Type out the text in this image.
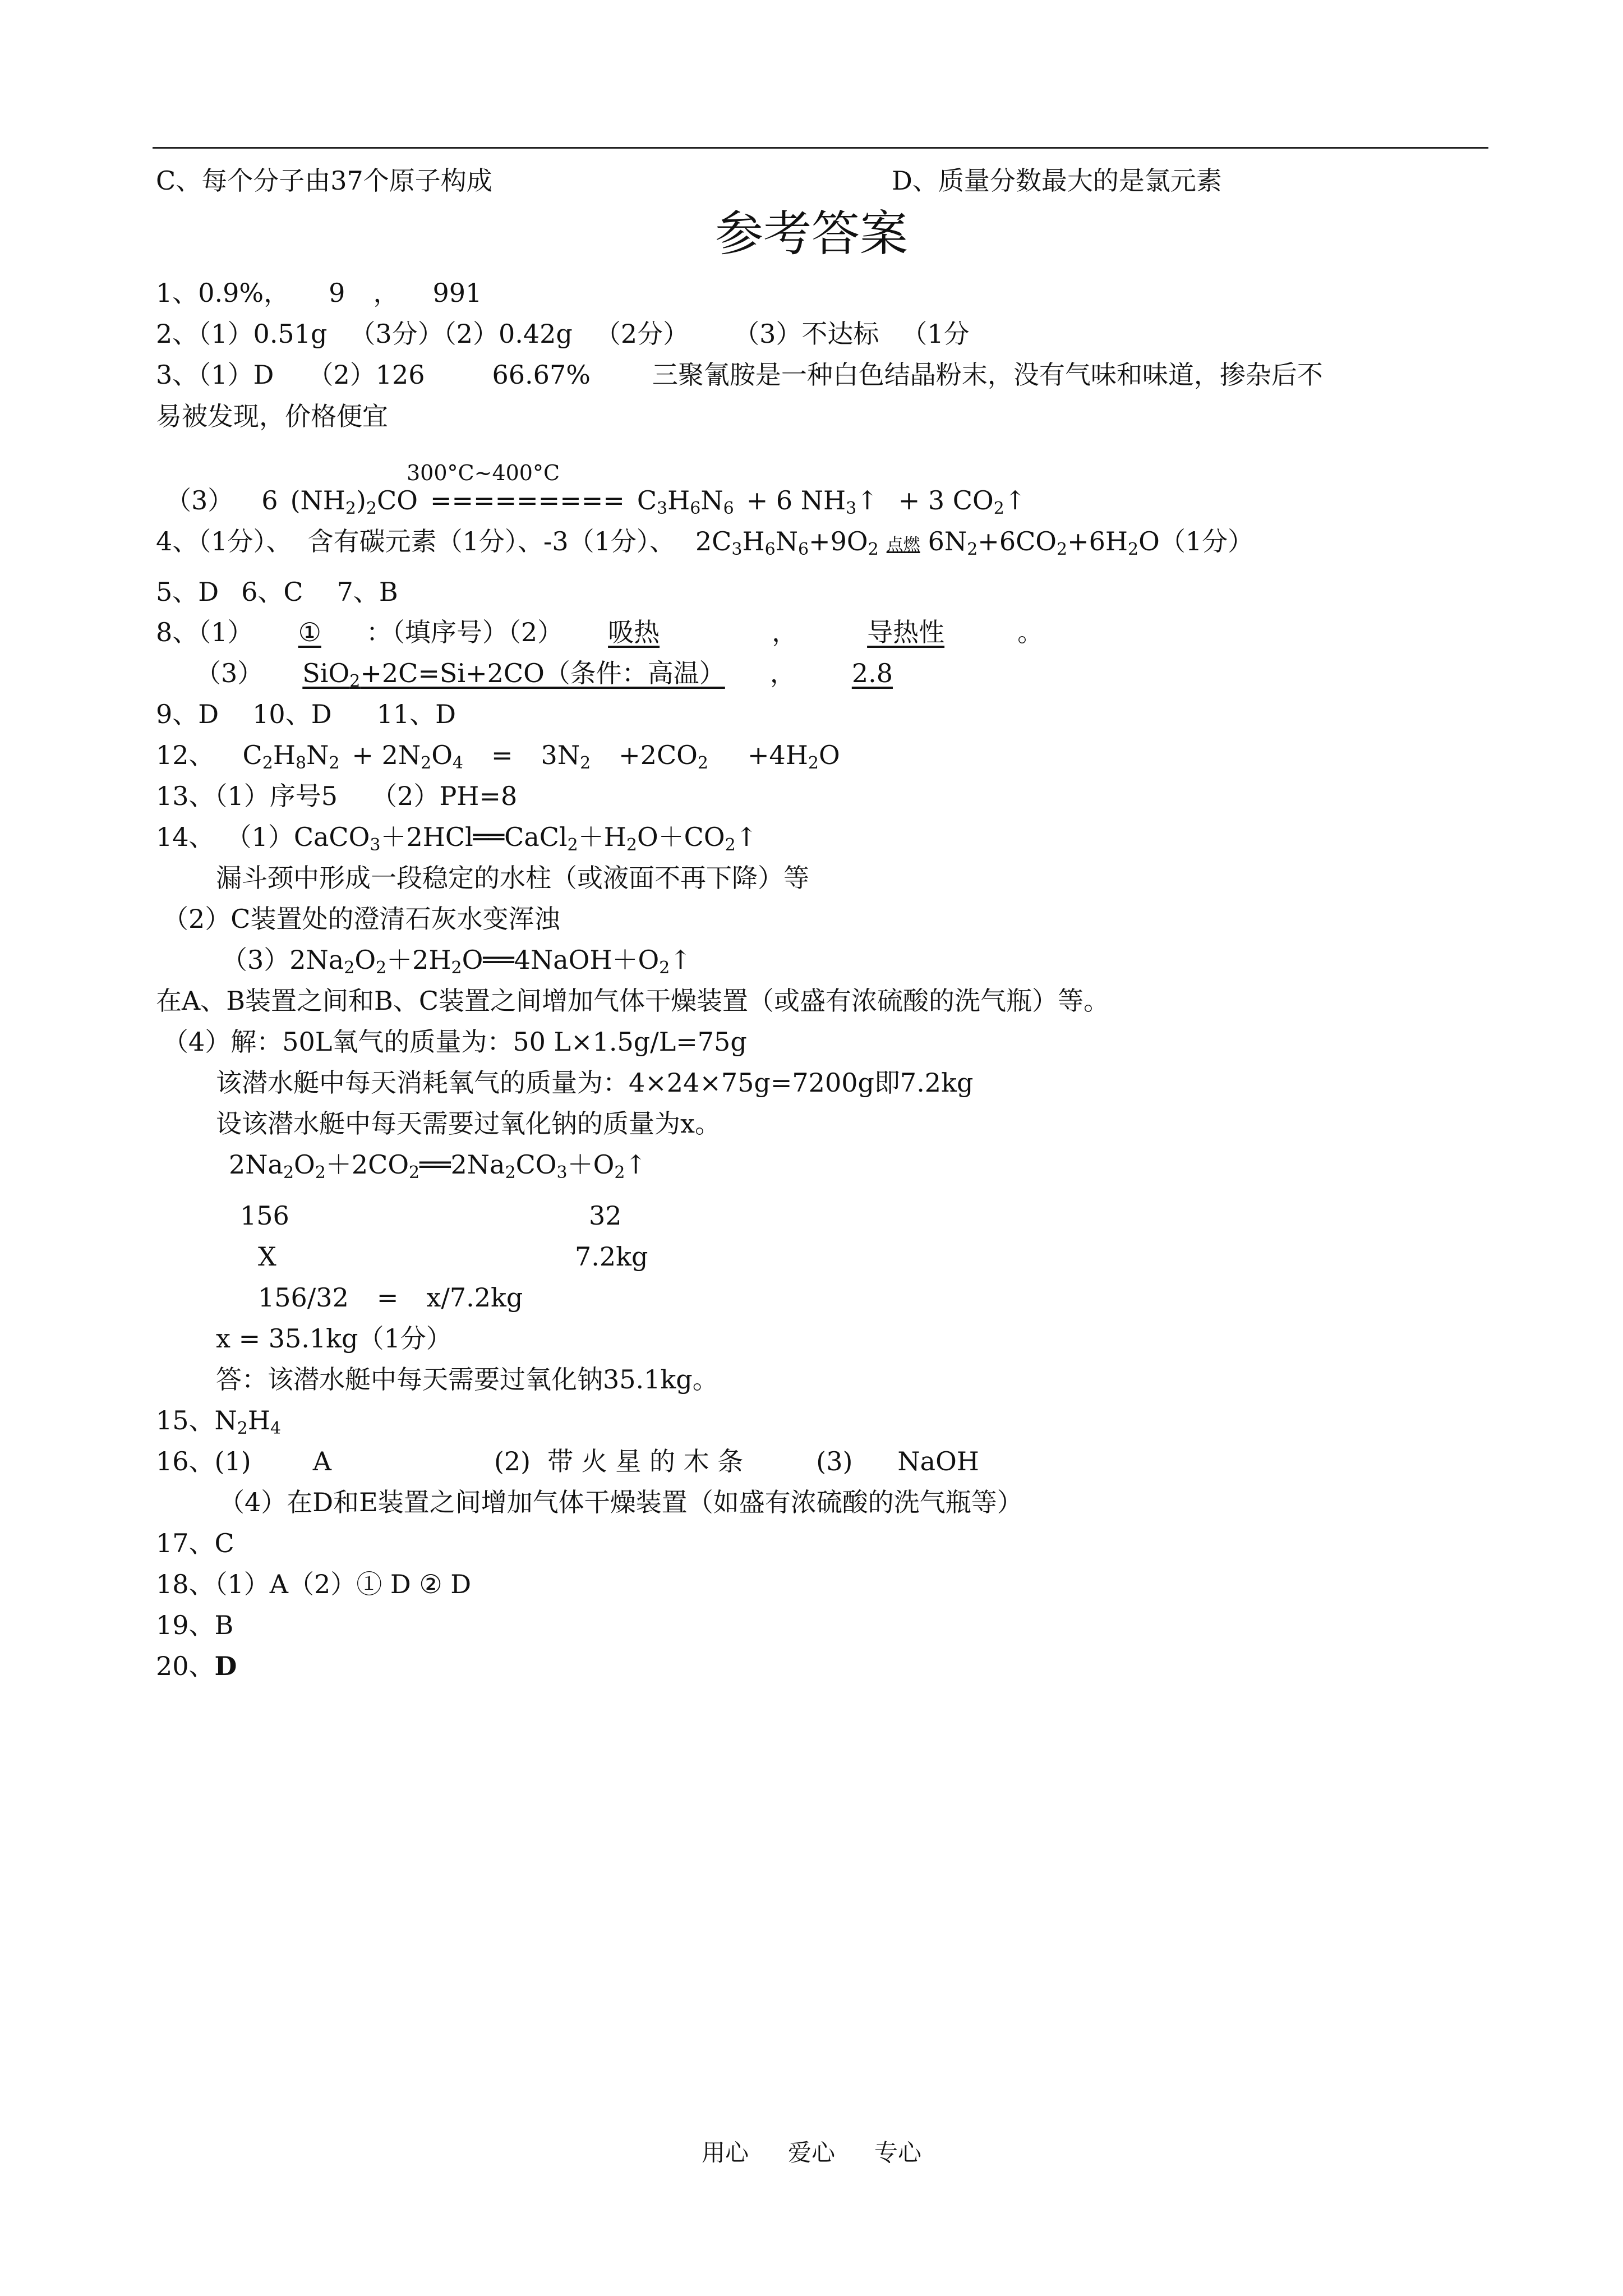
C、每个分子由37个原子构成	D、质量分数最大的是氯元素
参考答案
1、0.9%， 9 ， 991
2、（1）0.51g （3分）（2）0.42g （2分） （3）不达标 （1分
3、（1）D （2）126	66.67% 三聚氰胺是一种白色结晶粉末，没有气味和味道，掺杂后不
易被发现，价格便宜
300°C~400°C
（3） 6 $(NH_2)_2CO$ ========= $C_3H_6N_6 + 6$ $NH_3↑ + 3$ $CO_2↑$
4、（1分）、 含有碳元素（1分）、-3（1分）、 $2C_3H_6N_6+9O_2$ 点燃 $6N_2+6CO_2+6H_2O(1$分）
5、D 6、C 7、B
8、（1） ① ：（填序号）（2） 吸热	，	导热性	。
（3） SiO$_2$+2C=Si+2CO（条件：高温） ， 2.8
9、D 10、D 11、D
12、 $C_2H_8N_2 + 2N_2O_4 = 3N_2 +2CO_2 +4H_2O$
13、（1）序号5 （2）PH=8
14、 $(1)CaCO_3+2HCl══CaCl_2+H_2O+CO_2↑$
漏斗颈中形成一段稳定的水柱（或液面不再下降）等
（2）C装置处的澄清石灰水变浑浊
$(3)2Na_2O_2+2H_2O══4NaOH+O_2↑$
在A、B装置之间和B、C装置之间增加气体干燥装置（或盛有浓硫酸的洗气瓶）等。
（4）解：50L氧气的质量为：50 L×1.5g/L=75g
该潜水艇中每天消耗氧气的质量为：4×24×75g=7200g即7.2kg
设该潜水艇中每天需要过氧化钠的质量为x。
$2Na_2O_2+2CO_2══2Na_2CO_3+O_2↑$
156	32
X	7.2kg
156/32 = x/7.2kg
x = 35.1kg（1分）
答：该潜水艇中每天需要过氧化钠35.1kg。
15、$N_2H_4$
16、(1) A	(2) 带 火 星 的 木 条	(3) NaOH
（4）在D和E装置之间增加气体干燥装置（如盛有浓硫酸的洗气瓶等）
17、C
18、（1）A（2）① D ② D
19、B
20、D
用心 爱心 专心
